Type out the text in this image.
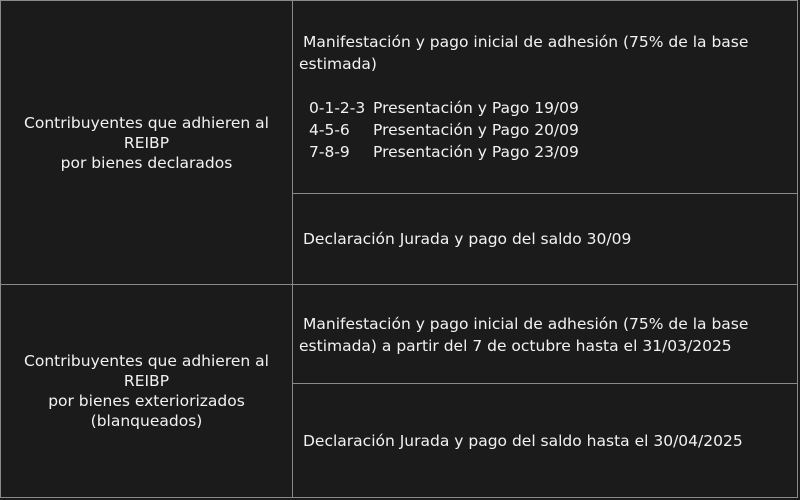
Contribuyentes que adhieren al
REIBP
por bienes declarados
Manifestación y pago inicial de adhesión (75% de la base
estimada)
0-1-2-3 Presentación y Pago 19/09
4-5-6	Presentación y Pago 20/09
7-8-9	Presentación y Pago 23/09
Declaración Jurada y pago del saldo 30/09
Contribuyentes que adhieren al
REIBP
por bienes exteriorizados
(blanqueados)
Manifestación y pago inicial de adhesión (75% de la base
estimada) a partir del 7 de octubre hasta el 31/03/2025
Declaración Jurada y pago del saldo hasta el 30/04/2025
